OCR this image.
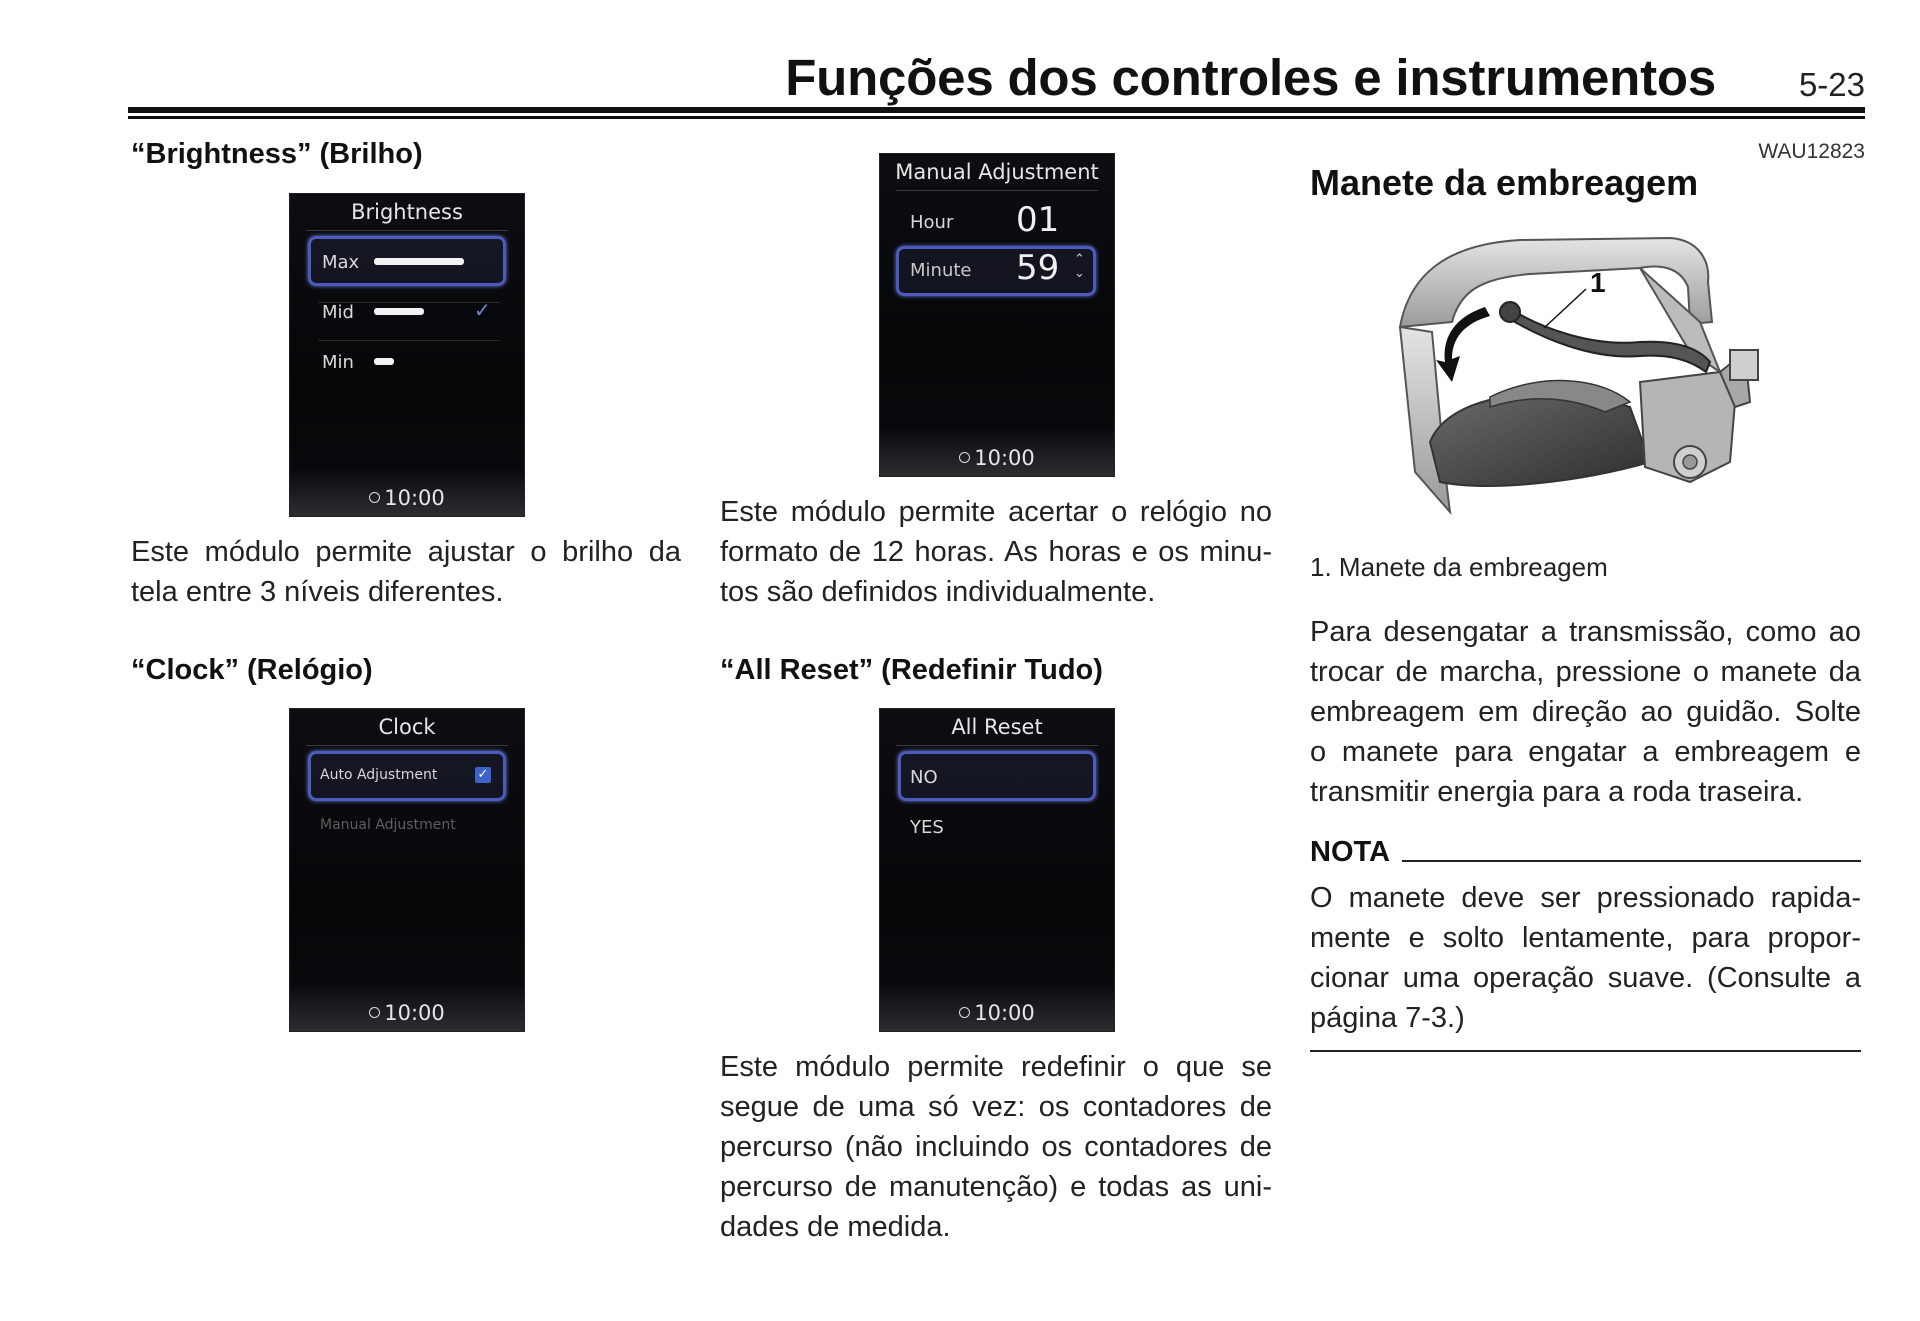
Funções dos controles e instrumentos	5-23
“Brightness” (Brilho)
Brightness
Max
Mid	✓
Min
10:00
Este módulo permite ajustar o brilho da
tela entre 3 níveis diferentes.
“Clock” (Relógio)
Clock
Auto Adjustment	✓
Manual Adjustment
10:00
Manual Adjustment
Hour 01
Minute 59 ⌃
⌄
10:00
Este módulo permite acertar o relógio no
formato de 12 horas. As horas e os minu-
tos são definidos individualmente.
“All Reset” (Redefinir Tudo)
All Reset
NO
YES
10:00
Este módulo permite redefinir o que se
segue de uma só vez: os contadores de
percurso (não incluindo os contadores de
percurso de manutenção) e todas as uni-
dades de medida.
WAU12823
Manete da embreagem
1
1. Manete da embreagem
Para desengatar a transmissão, como ao
trocar de marcha, pressione o manete da
embreagem em direção ao guidão. Solte
o manete para engatar a embreagem e
transmitir energia para a roda traseira.
NOTA
O manete deve ser pressionado rapida-
mente e solto lentamente, para propor-
cionar uma operação suave. (Consulte a
página 7-3.)
